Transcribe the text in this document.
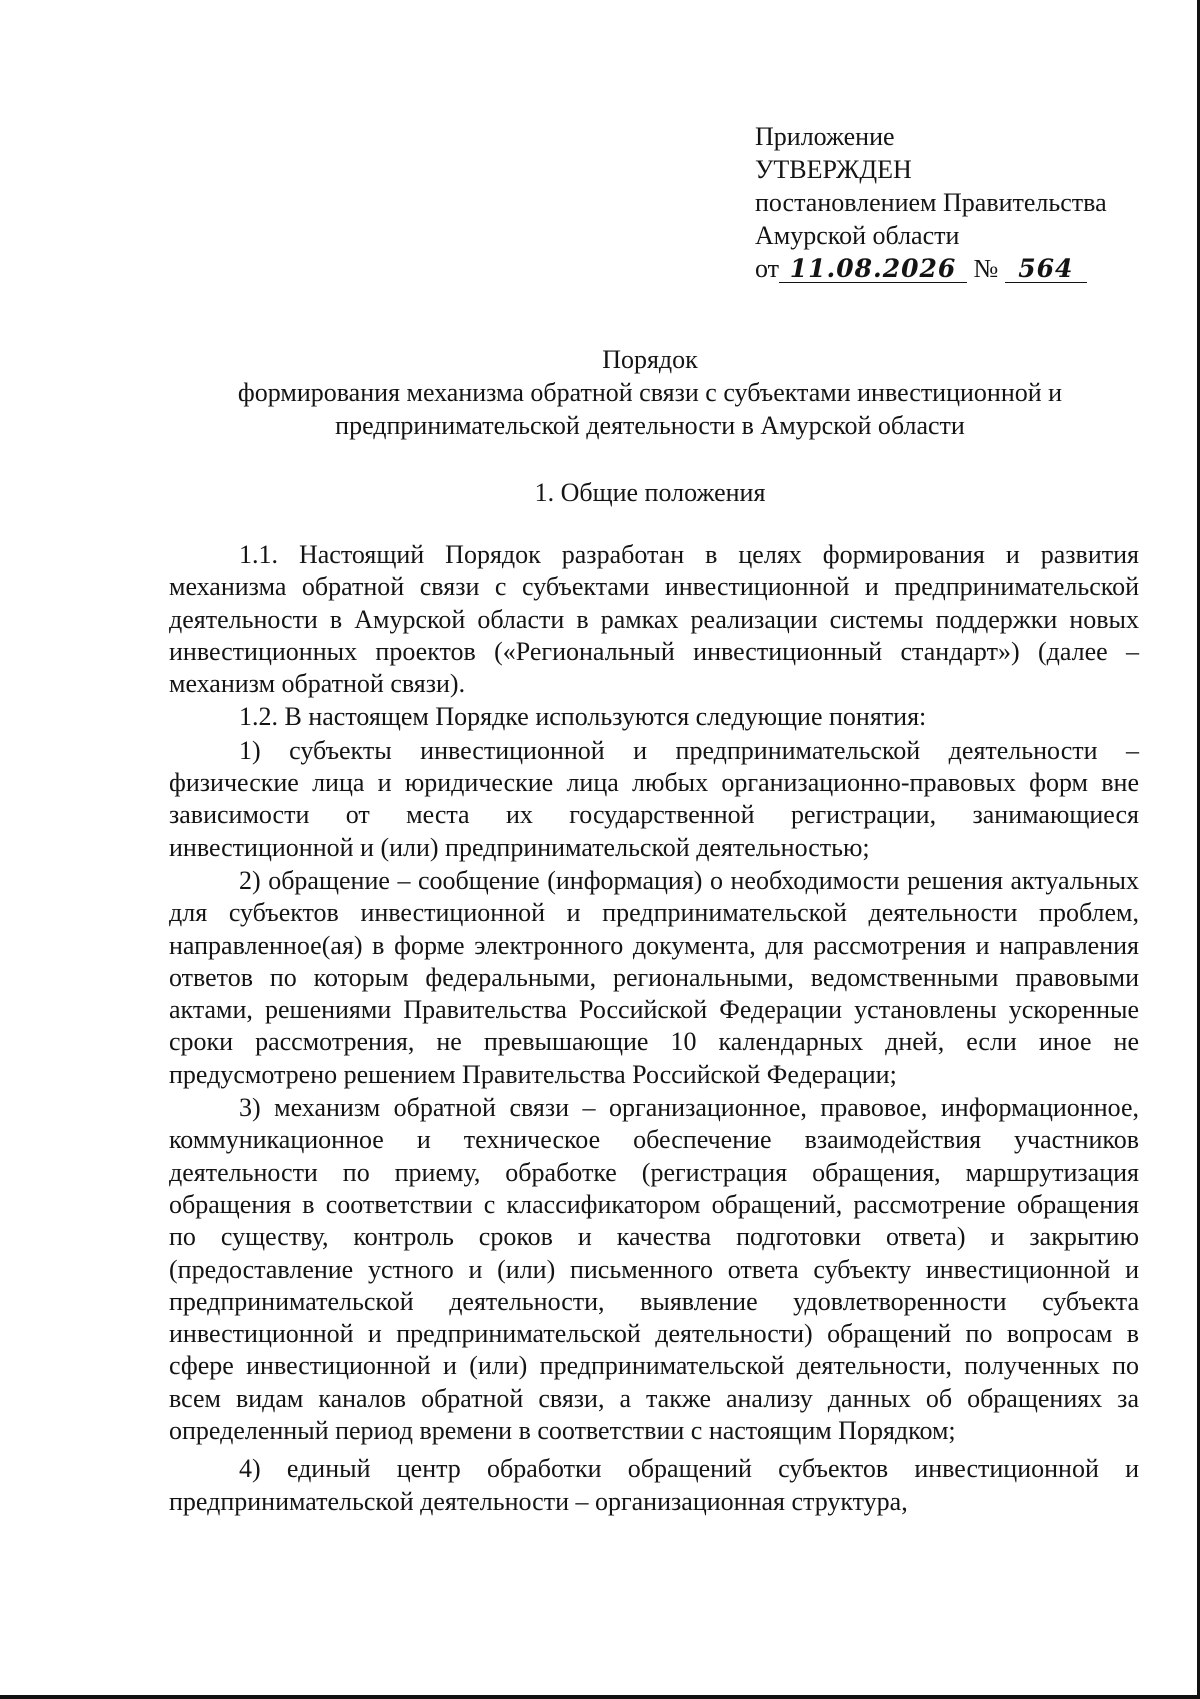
Приложение
УТВЕРЖДЕН
постановлением Правительства
Амурской области
от 11.08.2026 № 564
Порядок
формирования механизма обратной связи с субъектами инвестиционной и
предпринимательской деятельности в Амурской области
1. Общие положения

1.1. Настоящий Порядок разработан в целях формирования и развития механизма обратной связи с субъектами инвестиционной и предпринимательской деятельности в Амурской области в рамках реализации системы поддержки новых инвестиционных проектов («Региональный инвестиционный стандарт») (далее – механизм обратной связи).

1.2. В настоящем Порядке используются следующие понятия:

1) субъекты инвестиционной и предпринимательской деятельности – физические лица и юридические лица любых организационно-правовых форм вне зависимости от места их государственной регистрации, занимающиеся инвестиционной и (или) предпринимательской деятельностью;

2) обращение – сообщение (информация) о необходимости решения актуальных для субъектов инвестиционной и предпринимательской деятельности проблем, направленное(ая) в форме электронного документа, для рассмотрения и направления ответов по которым федеральными, региональными, ведомственными правовыми актами, решениями Правительства Российской Федерации установлены ускоренные сроки рассмотрения, не превышающие 10 календарных дней, если иное не предусмотрено решением Правительства Российской Федерации;

3) механизм обратной связи – организационное, правовое, информационное, коммуникационное и техническое обеспечение взаимодействия участников деятельности по приему, обработке (регистрация обращения, маршрутизация обращения в соответствии с классификатором обращений, рассмотрение обращения по существу, контроль сроков и качества подготовки ответа) и закрытию (предоставление устного и (или) письменного ответа субъекту инвестиционной и предпринимательской деятельности, выявление удовлетворенности субъекта инвестиционной и предпринимательской деятельности) обращений по вопросам в сфере инвестиционной и (или) предпринимательской деятельности, полученных по всем видам каналов обратной связи, а также анализу данных об обращениях за определенный период времени в соответствии с настоящим Порядком;

4) единый центр обработки обращений субъектов инвестиционной и предпринимательской деятельности – организационная структура,
